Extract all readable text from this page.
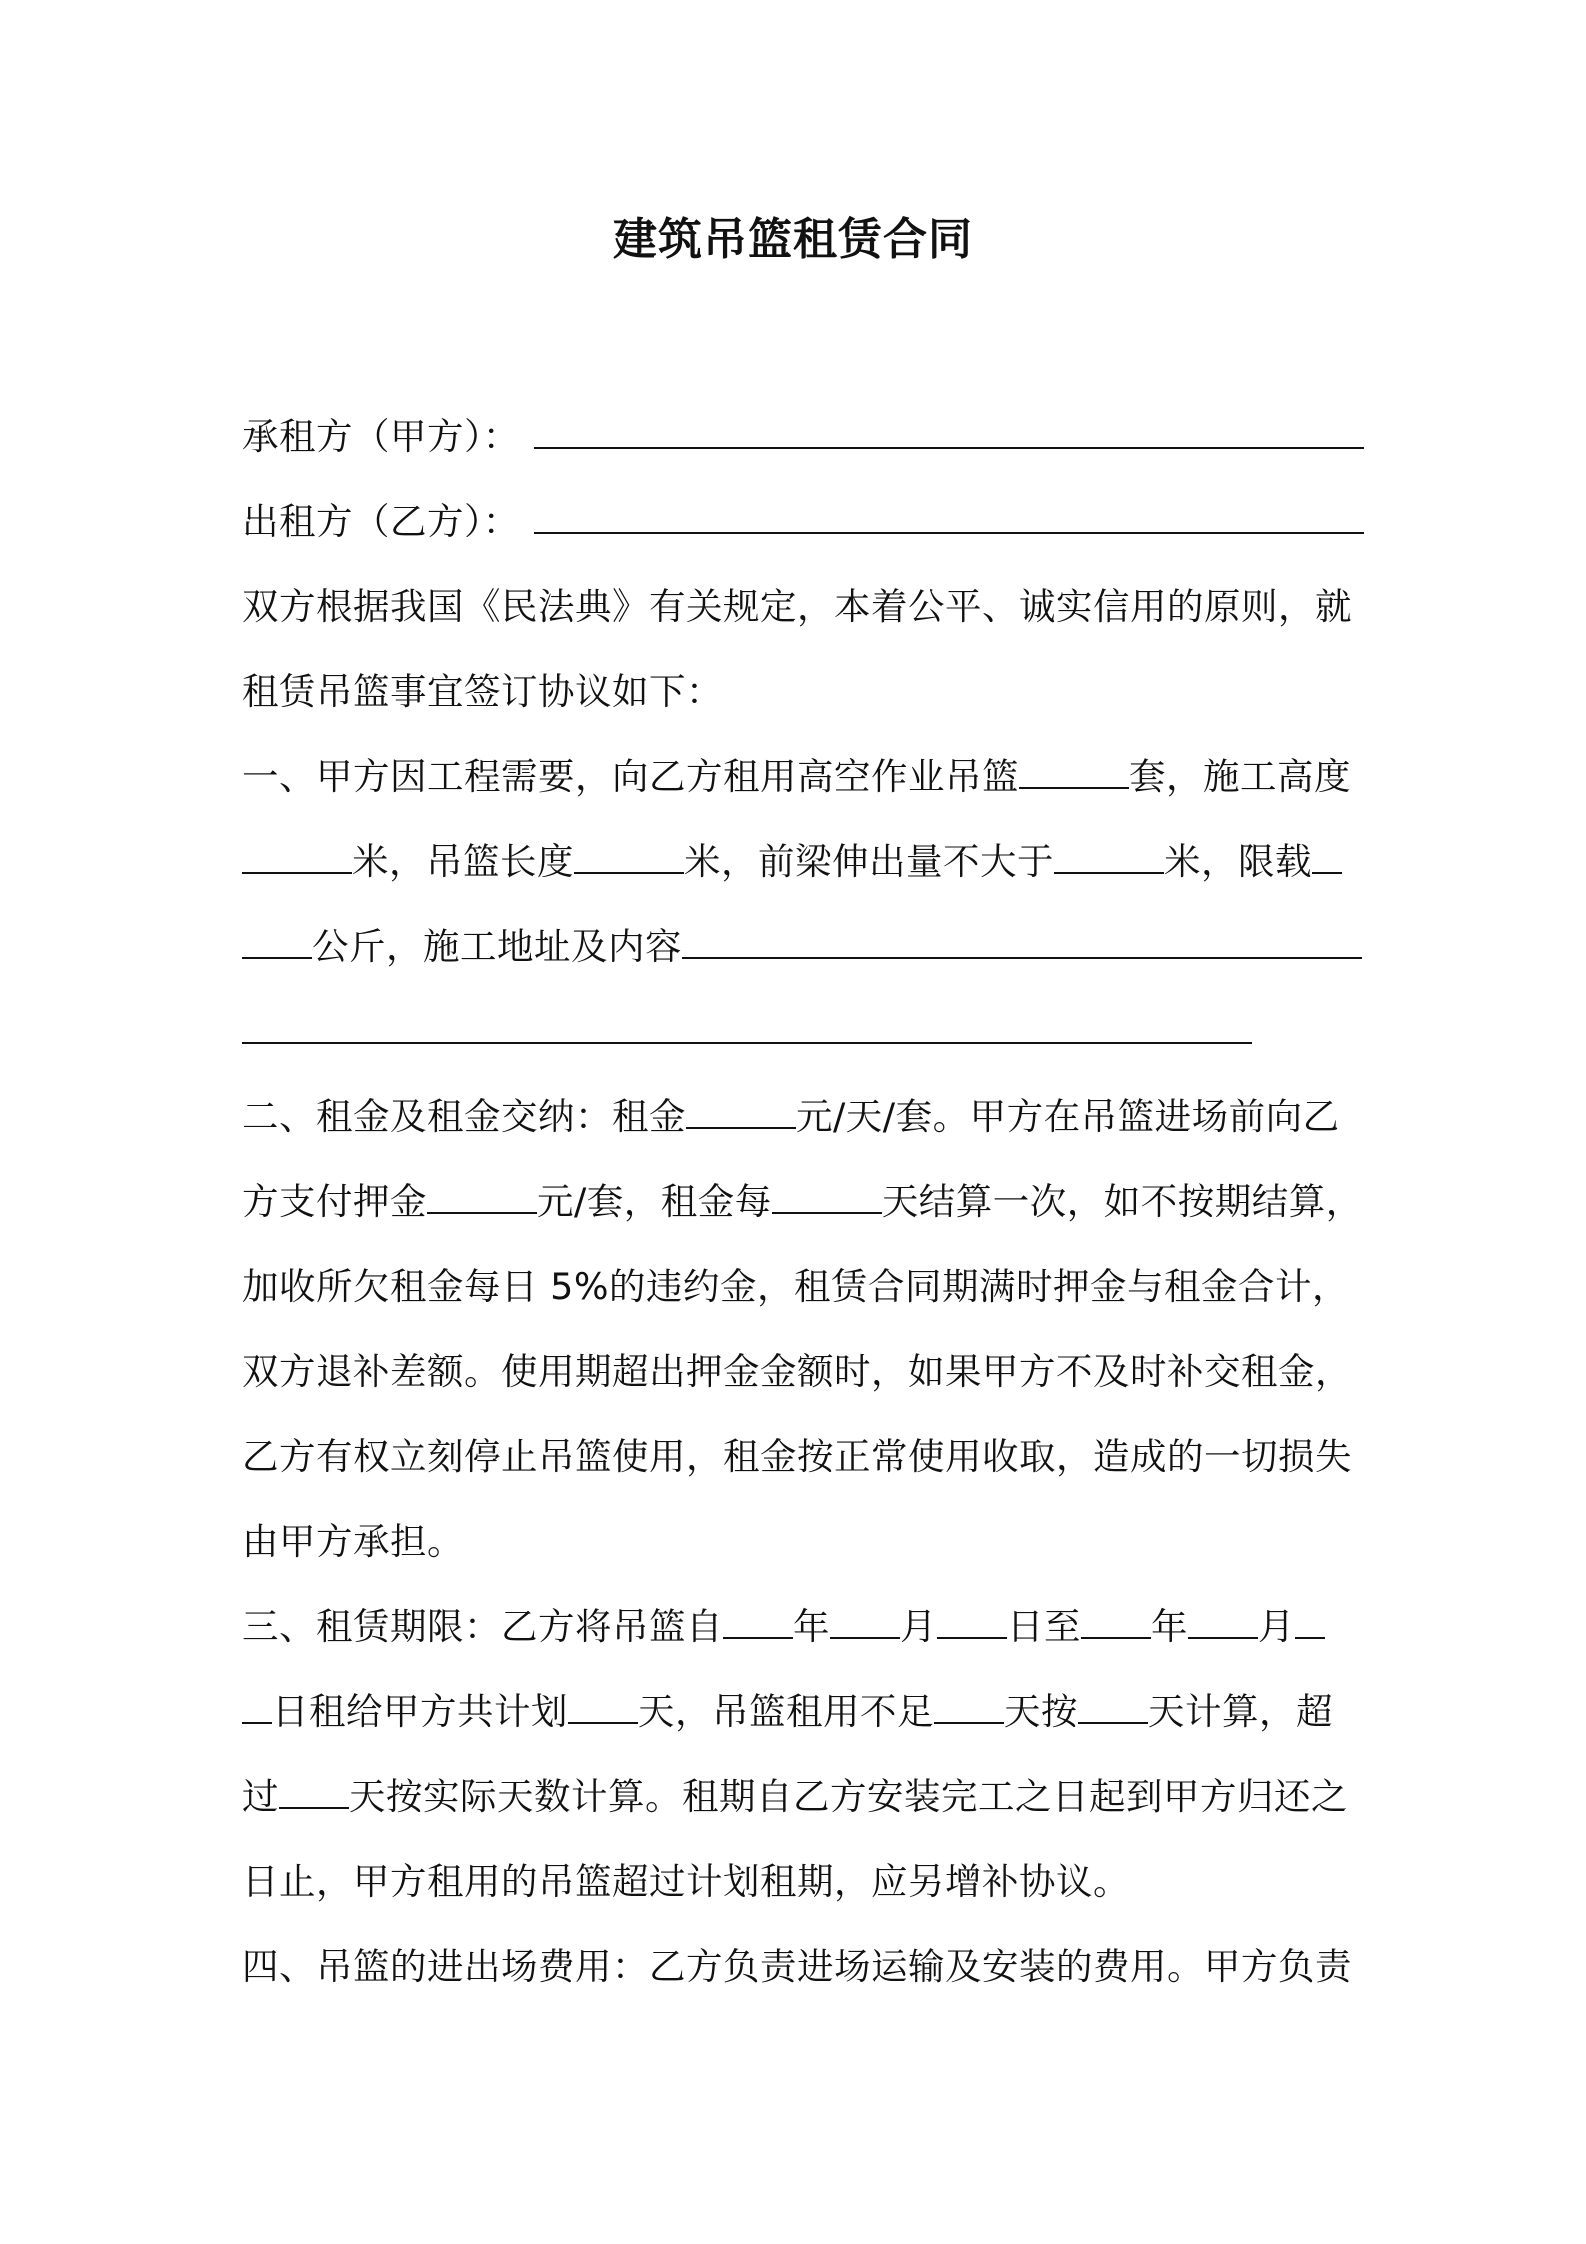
建筑吊篮租赁合同
承租方（甲方）：
出租方（乙方）：
双方根据我国《民法典》有关规定，本着公平、诚实信用的原则，就
租赁吊篮事宜签订协议如下：
一、甲方因工程需要，向乙方租用高空作业吊篮	套，施工高度
米，吊篮长度	米，前梁伸出量不大于	米，限载
公斤，施工地址及内容
二、租金及租金交纳：租金	元/天/套。甲方在吊篮进场前向乙
方支付押金	元/套，租金每	天结算一次，如不按期结算，
加收所欠租金每日 5%的违约金，租赁合同期满时押金与租金合计，
双方退补差额。使用期超出押金金额时，如果甲方不及时补交租金，
乙方有权立刻停止吊篮使用，租金按正常使用收取，造成的一切损失
由甲方承担。
三、租赁期限：乙方将吊篮自 年 月 日至 年 月
日租给甲方共计划 天，吊篮租用不足 天按 天计算，超
过 天按实际天数计算。租期自乙方安装完工之日起到甲方归还之
日止，甲方租用的吊篮超过计划租期，应另增补协议。
四、吊篮的进出场费用：乙方负责进场运输及安装的费用。甲方负责
